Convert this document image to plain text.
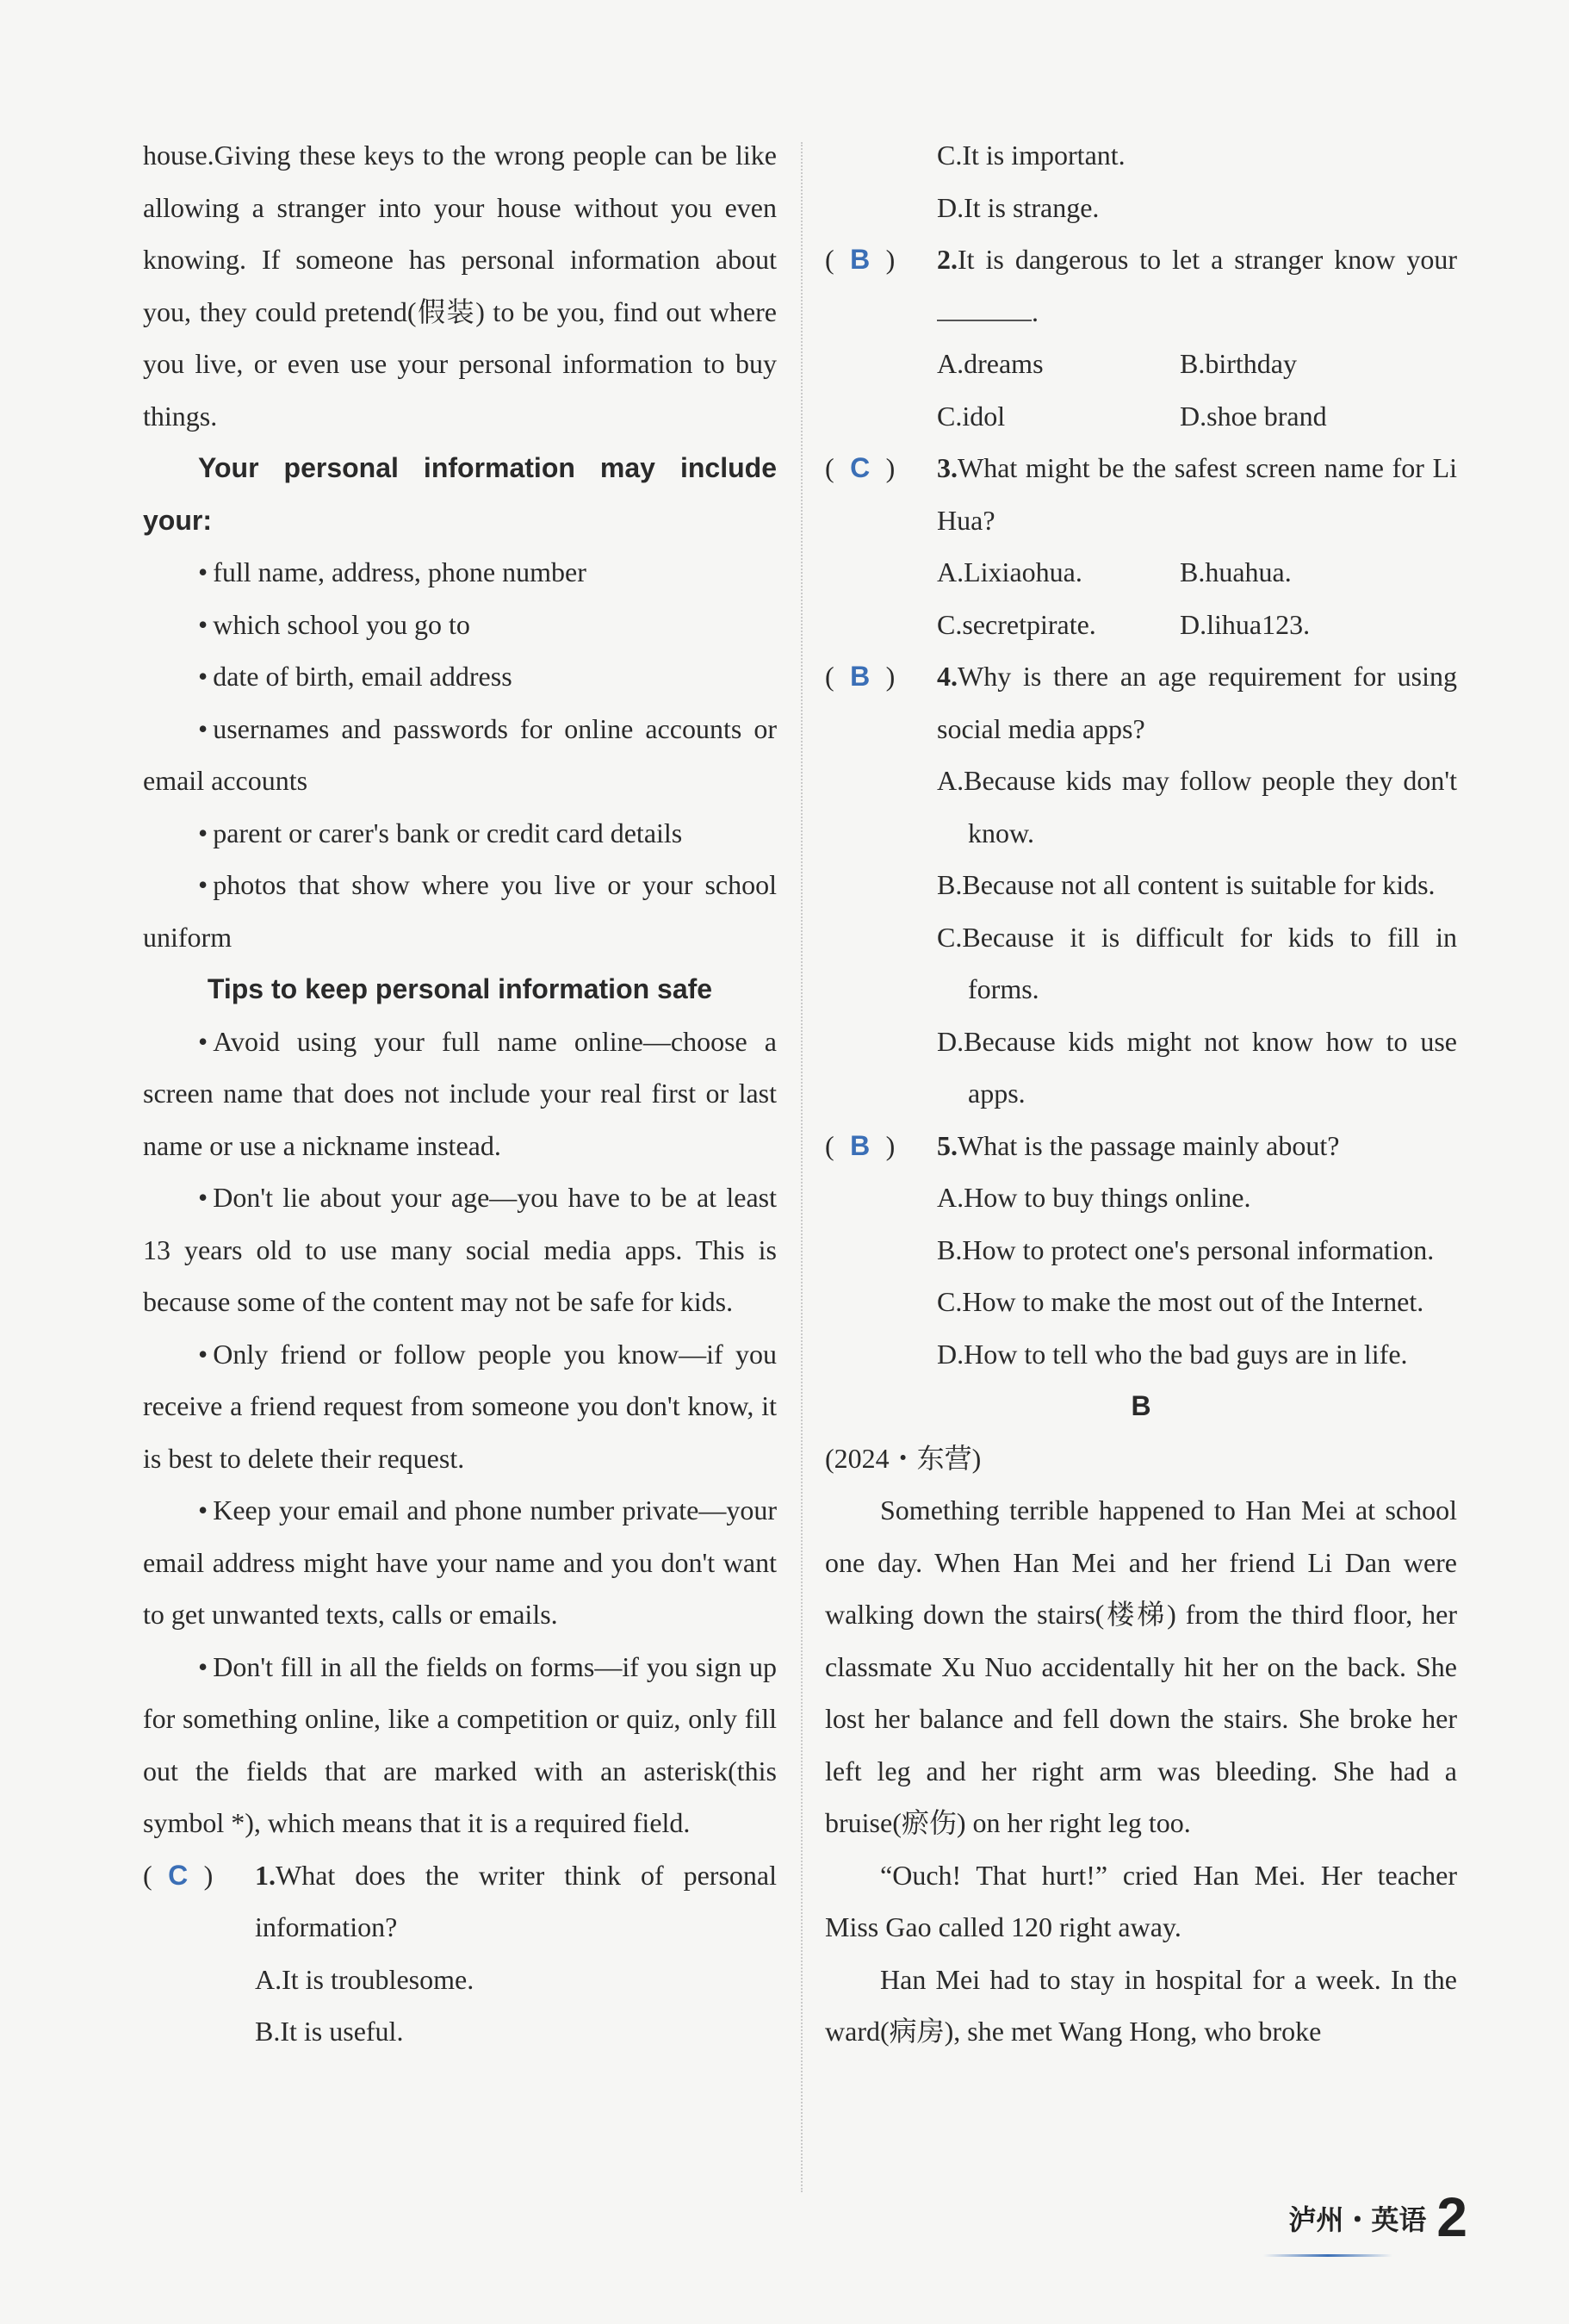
house.Giving these keys to the wrong people can be like allowing a stranger into your house without you even knowing. If someone has personal information about you, they could pretend(假装) to be you, find out where you live, or even use your personal information to buy things.

Your personal information may include your:

• full name, address, phone number

• which school you go to

• date of birth, email address

• usernames and passwords for online accounts or email accounts

• parent or carer's bank or credit card details

• photos that show where you live or your school uniform

Tips to keep personal information safe

• Avoid using your full name online—choose a screen name that does not include your real first or last name or use a nickname instead.

• Don't lie about your age—you have to be at least 13 years old to use many social media apps. This is because some of the content may not be safe for kids.

• Only friend or follow people you know—if you receive a friend request from someone you don't know, it is best to delete their request.

• Keep your email and phone number private—your email address might have your name and you don't want to get unwanted texts, calls or emails.

• Don't fill in all the fields on forms—if you sign up for something online, like a competition or quiz, only fill out the fields that are marked with an asterisk(this symbol *), which means that it is a required field.

( C ) 1.What does the writer think of personal information?

A.It is troublesome.

B.It is useful.

C.It is important.

D.It is strange.

( B ) 2.It is dangerous to let a stranger know your .

A.dreams	B.birthday
C.idol	D.shoe brand

( C ) 3.What might be the safest screen name for Li Hua?

A.Lixiaohua.	B.huahua.
C.secretpirate.	D.lihua123.

( B ) 4.Why is there an age requirement for using social media apps?

A.Because kids may follow people they don't know.
B.Because not all content is suitable for kids.
C.Because it is difficult for kids to fill in forms.
D.Because kids might not know how to use apps.

( B ) 5.What is the passage mainly about?

A.How to buy things online.

B.How to protect one's personal information.

C.How to make the most out of the Internet.

D.How to tell who the bad guys are in life.

B

(2024・东营)

Something terrible happened to Han Mei at school one day. When Han Mei and her friend Li Dan were walking down the stairs(楼梯) from the third floor, her classmate Xu Nuo accidentally hit her on the back. She lost her balance and fell down the stairs. She broke her left leg and her right arm was bleeding. She had a bruise(瘀伤) on her right leg too.

“Ouch! That hurt!” cried Han Mei. Her teacher Miss Gao called 120 right away.

Han Mei had to stay in hospital for a week. In the ward(病房), she met Wang Hong, who broke

泸州・英语 2
